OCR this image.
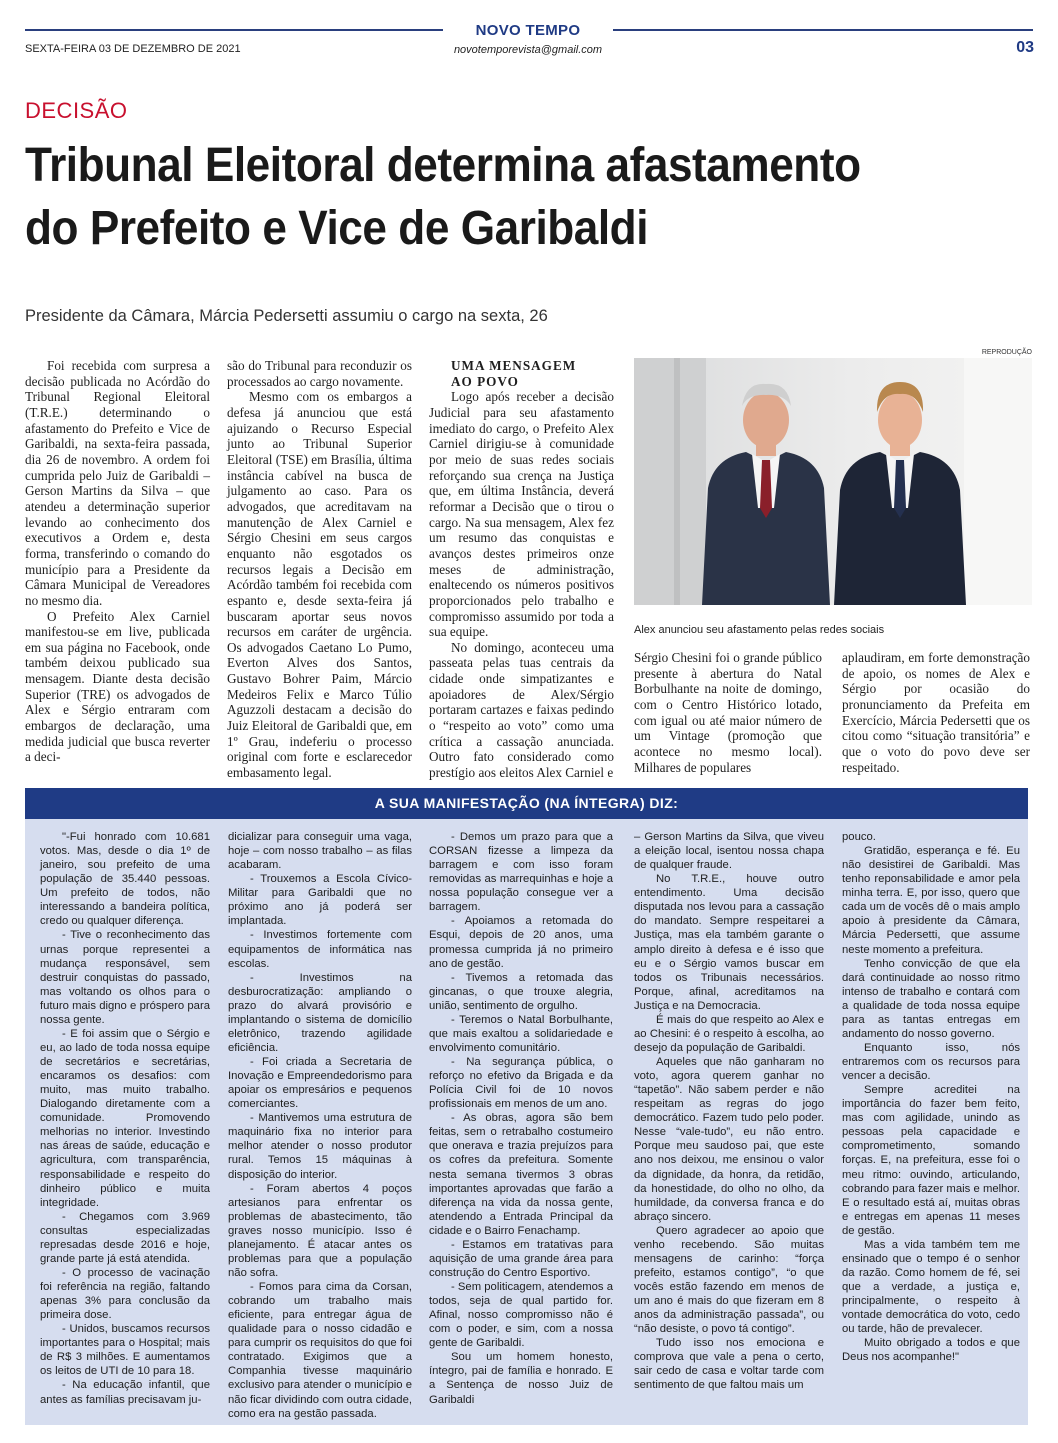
NOVO TEMPO
novotemporevista@gmail.com
SEXTA-FEIRA 03 DE DEZEMBRO DE 2021	03
DECISÃO
Tribunal Eleitoral determina afastamento
do Prefeito e Vice de Garibaldi
Presidente da Câmara, Márcia Pedersetti assumiu o cargo na sexta, 26

Foi recebida com surpresa a decisão publicada no Acórdão do Tribunal Regional Eleitoral (T.R.E.) determinando o afastamento do Prefeito e Vice de Garibaldi, na sexta-feira passada, dia 26 de novembro. A ordem foi cumprida pelo Juiz de Garibaldi – Gerson Martins da Silva – que atendeu a determinação superior levando ao conhecimento dos executivos a Ordem e, desta forma, transferindo o comando do município para a Presidente da Câmara Municipal de Vereadores no mesmo dia.

O Prefeito Alex Carniel manifestou-se em live, publicada em sua página no Facebook, onde também deixou publicado sua mensagem. Diante desta decisão Superior (TRE) os advogados de Alex e Sérgio entraram com embargos de declaração, uma medida judicial que busca reverter a deci-

são do Tribunal para reconduzir os processados ao cargo novamente.

Mesmo com os embargos a defesa já anunciou que está ajuizando o Recurso Especial junto ao Tribunal Superior Eleitoral (TSE) em Brasília, última instância cabível na busca de julgamento ao caso. Para os advogados, que acreditavam na manutenção de Alex Carniel e Sérgio Chesini em seus cargos enquanto não esgotados os recursos legais a Decisão em Acórdão também foi recebida com espanto e, desde sexta-feira já buscaram aportar seus novos recursos em caráter de urgência. Os advogados Caetano Lo Pumo, Everton Alves dos Santos, Gustavo Bohrer Paim, Márcio Medeiros Felix e Marco Túlio Aguzzoli destacam a decisão do Juiz Eleitoral de Garibaldi que, em 1º Grau, indeferiu o processo original com forte e esclarecedor embasamento legal.

UMA MENSAGEM
AO POVO

Logo após receber a decisão Judicial para seu afastamento imediato do cargo, o Prefeito Alex Carniel dirigiu-se à comunidade por meio de suas redes sociais reforçando sua crença na Justiça que, em última Instância, deverá reformar a Decisão que o tirou o cargo. Na sua mensagem, Alex fez um resumo das conquistas e avanços destes primeiros onze meses de administração, enaltecendo os números positivos proporcionados pelo trabalho e compromisso assumido por toda a sua equipe.

No domingo, aconteceu uma passeata pelas tuas centrais da cidade onde simpatizantes e apoiadores de Alex/Sérgio portaram cartazes e faixas pedindo o “respeito ao voto” como uma crítica a cassação anunciada. Outro fato considerado como prestígio aos eleitos Alex Carniel e

REPRODUÇÃO
Alex anunciou seu afastamento pelas redes sociais

Sérgio Chesini foi o grande público presente à abertura do Natal Borbulhante na noite de domingo, com o Centro Histórico lotado, com igual ou até maior número de um Vintage (promoção que acontece no mesmo local). Milhares de populares

aplaudiram, em forte demonstração de apoio, os nomes de Alex e Sérgio por ocasião do pronunciamento da Prefeita em Exercício, Márcia Pedersetti que os citou como “situação transitória” e que o voto do povo deve ser respeitado.

A SUA MANIFESTAÇÃO (NA ÍNTEGRA) DIZ:

"-Fui honrado com 10.681 votos. Mas, desde o dia 1º de janeiro, sou prefeito de uma população de 35.440 pessoas. Um prefeito de todos, não interessando a bandeira política, credo ou qualquer diferença.

- Tive o reconhecimento das urnas porque representei a mudança responsável, sem destruir conquistas do passado, mas voltando os olhos para o futuro mais digno e próspero para nossa gente.

- E foi assim que o Sérgio e eu, ao lado de toda nossa equipe de secretários e secretárias, encaramos os desafios: com muito, mas muito trabalho. Dialogando diretamente com a comunidade. Promovendo melhorias no interior. Investindo nas áreas de saúde, educação e agricultura, com transparência, responsabilidade e respeito do dinheiro público e muita integridade.

- Chegamos com 3.969 consultas especializadas represadas desde 2016 e hoje, grande parte já está atendida.

- O processo de vacinação foi referência na região, faltando apenas 3% para conclusão da primeira dose.

- Unidos, buscamos recursos importantes para o Hospital; mais de R$ 3 milhões. E aumentamos os leitos de UTI de 10 para 18.

- Na educação infantil, que antes as famílias precisavam ju-

dicializar para conseguir uma vaga, hoje – com nosso trabalho – as filas acabaram.

- Trouxemos a Escola Cívico-Militar para Garibaldi que no próximo ano já poderá ser implantada.

- Investimos fortemente com equipamentos de informática nas escolas.

- Investimos na desburocratização: ampliando o prazo do alvará provisório e implantando o sistema de domicílio eletrônico, trazendo agilidade eficiência.

- Foi criada a Secretaria de Inovação e Empreendedorismo para apoiar os empresários e pequenos comerciantes.

- Mantivemos uma estrutura de maquinário fixa no interior para melhor atender o nosso produtor rural. Temos 15 máquinas à disposição do interior.

- Foram abertos 4 poços artesianos para enfrentar os problemas de abastecimento, tão graves nosso município. Isso é planejamento. É atacar antes os problemas para que a população não sofra.

- Fomos para cima da Corsan, cobrando um trabalho mais eficiente, para entregar água de qualidade para o nosso cidadão e para cumprir os requisitos do que foi contratado. Exigimos que a Companhia tivesse maquinário exclusivo para atender o município e não ficar dividindo com outra cidade, como era na gestão passada.

- Demos um prazo para que a CORSAN fizesse a limpeza da barragem e com isso foram removidas as marrequinhas e hoje a nossa população consegue ver a barragem.

- Apoiamos a retomada do Esqui, depois de 20 anos, uma promessa cumprida já no primeiro ano de gestão.

- Tivemos a retomada das gincanas, o que trouxe alegria, união, sentimento de orgulho.

- Teremos o Natal Borbulhante, que mais exaltou a solidariedade e envolvimento comunitário.

- Na segurança pública, o reforço no efetivo da Brigada e da Polícia Civil foi de 10 novos profissionais em menos de um ano.

- As obras, agora são bem feitas, sem o retrabalho costumeiro que onerava e trazia prejuízos para os cofres da prefeitura. Somente nesta semana tivermos 3 obras importantes aprovadas que farão a diferença na vida da nossa gente, atendendo a Entrada Principal da cidade e o Bairro Fenachamp.

- Estamos em tratativas para aquisição de uma grande área para construção do Centro Esportivo.

- Sem politicagem, atendemos a todos, seja de qual partido for. Afinal, nosso compromisso não é com o poder, e sim, com a nossa gente de Garibaldi.

Sou um homem honesto, íntegro, pai de família e honrado. E a Sentença de nosso Juiz de Garibaldi

– Gerson Martins da Silva, que viveu a eleição local, isentou nossa chapa de qualquer fraude.

No T.R.E., houve outro entendimento. Uma decisão disputada nos levou para a cassação do mandato. Sempre respeitarei a Justiça, mas ela também garante o amplo direito à defesa e é isso que eu e o Sérgio vamos buscar em todos os Tribunais necessários. Porque, afinal, acreditamos na Justiça e na Democracia.

É mais do que respeito ao Alex e ao Chesini: é o respeito à escolha, ao desejo da população de Garibaldi.

Aqueles que não ganharam no voto, agora querem ganhar no “tapetão”. Não sabem perder e não respeitam as regras do jogo democrático. Fazem tudo pelo poder. Nesse “vale-tudo”, eu não entro. Porque meu saudoso pai, que este ano nos deixou, me ensinou o valor da dignidade, da honra, da retidão, da honestidade, do olho no olho, da humildade, da conversa franca e do abraço sincero.

Quero agradecer ao apoio que venho recebendo. São muitas mensagens de carinho: “força prefeito, estamos contigo”, “o que vocês estão fazendo em menos de um ano é mais do que fizeram em 8 anos da administração passada”, ou “não desiste, o povo tá contigo”.

Tudo isso nos emociona e comprova que vale a pena o certo, sair cedo de casa e voltar tarde com sentimento de que faltou mais um

pouco.

Gratidão, esperança e fé. Eu não desistirei de Garibaldi. Mas tenho reponsabilidade e amor pela minha terra. E, por isso, quero que cada um de vocês dê o mais amplo apoio à presidente da Câmara, Márcia Pedersetti, que assume neste momento a prefeitura.

Tenho convicção de que ela dará continuidade ao nosso ritmo intenso de trabalho e contará com a qualidade de toda nossa equipe para as tantas entregas em andamento do nosso governo.

Enquanto isso, nós entraremos com os recursos para vencer a decisão.

Sempre acreditei na importância do fazer bem feito, mas com agilidade, unindo as pessoas pela capacidade e comprometimento, somando forças. E, na prefeitura, esse foi o meu ritmo: ouvindo, articulando, cobrando para fazer mais e melhor. E o resultado está aí, muitas obras e entregas em apenas 11 meses de gestão.

Mas a vida também tem me ensinado que o tempo é o senhor da razão. Como homem de fé, sei que a verdade, a justiça e, principalmente, o respeito à vontade democrática do voto, cedo ou tarde, hão de prevalecer.

Muito obrigado a todos e que Deus nos acompanhe!"
